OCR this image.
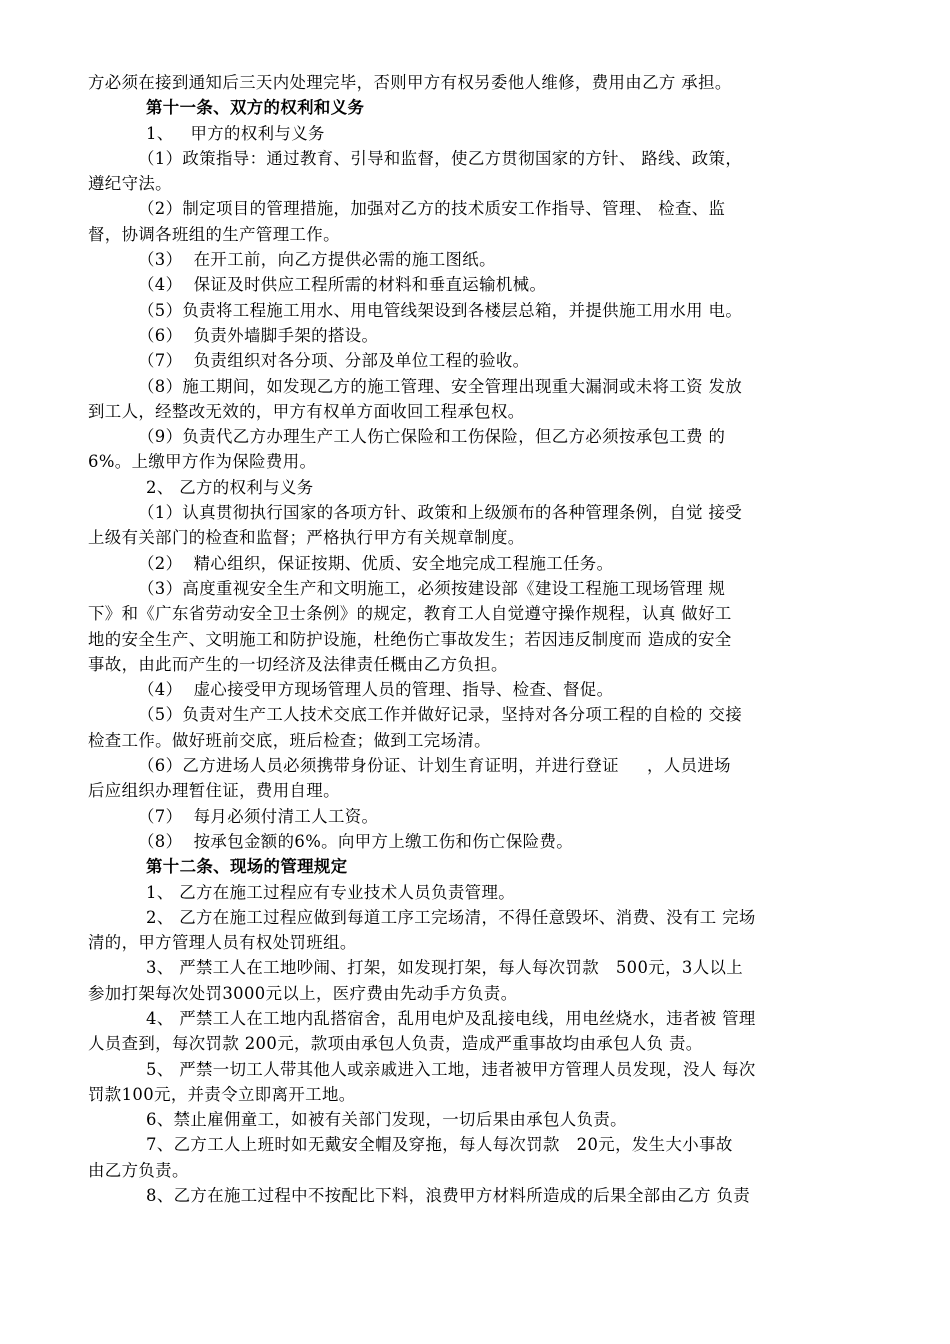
方必须在接到通知后三天内处理完毕，否则甲方有权另委他人维修，费用由乙方 承担。
第十一条、双方的权利和义务
1、   甲方的权利与义务
（1）政策指导：通过教育、引导和监督，使乙方贯彻国家的方针、 路线、政策，
遵纪守法。
（2）制定项目的管理措施，加强对乙方的技术质安工作指导、管理、 检查、监
督，协调各班组的生产管理工作。
（3）  在开工前，向乙方提供必需的施工图纸。
（4）  保证及时供应工程所需的材料和垂直运输机械。
（5）负责将工程施工用水、用电管线架设到各楼层总箱，并提供施工用水用 电。
（6）  负责外墙脚手架的搭设。
（7）  负责组织对各分项、分部及单位工程的验收。
（8）施工期间，如发现乙方的施工管理、安全管理出现重大漏洞或未将工资 发放
到工人，经整改无效的，甲方有权单方面收回工程承包权。
（9）负责代乙方办理生产工人伤亡保险和工伤保险，但乙方必须按承包工费 的
6%。上缴甲方作为保险费用。
2、 乙方的权利与义务
（1）认真贯彻执行国家的各项方针、政策和上级颁布的各种管理条例，自觉 接受
上级有关部门的检查和监督；严格执行甲方有关规章制度。
（2）  精心组织，保证按期、优质、安全地完成工程施工任务。
（3）高度重视安全生产和文明施工，必须按建设部《建设工程施工现场管理 规
下》和《广东省劳动安全卫士条例》的规定，教育工人自觉遵守操作规程，认真 做好工
地的安全生产、文明施工和防护设施，杜绝伤亡事故发生；若因违反制度而 造成的安全
事故，由此而产生的一切经济及法律责任概由乙方负担。
（4）  虚心接受甲方现场管理人员的管理、指导、检查、督促。
（5）负责对生产工人技术交底工作并做好记录，坚持对各分项工程的自检的 交接
检查工作。做好班前交底，班后检查；做到工完场清。
（6）乙方进场人员必须携带身份证、计划生育证明，并进行登证     ，人员进场
后应组织办理暂住证，费用自理。
（7）  每月必须付清工人工资。
（8）  按承包金额的6%。向甲方上缴工伤和伤亡保险费。
第十二条、现场的管理规定
1、 乙方在施工过程应有专业技术人员负责管理。
2、 乙方在施工过程应做到每道工序工完场清，不得任意毁坏、消费、没有工 完场
清的，甲方管理人员有权处罚班组。
3、 严禁工人在工地吵闹、打架，如发现打架，每人每次罚款   500元，3人以上
参加打架每次处罚3000元以上，医疗费由先动手方负责。
4、 严禁工人在工地内乱搭宿舍，乱用电炉及乱接电线，用电丝烧水，违者被 管理
人员查到，每次罚款 200元，款项由承包人负责，造成严重事故均由承包人负 责。
5、 严禁一切工人带其他人或亲戚进入工地，违者被甲方管理人员发现，没人 每次
罚款100元，并责令立即离开工地。
6、禁止雇佣童工，如被有关部门发现，一切后果由承包人负责。
7、乙方工人上班时如无戴安全帽及穿拖，每人每次罚款   20元，发生大小事故
由乙方负责。
8、乙方在施工过程中不按配比下料，浪费甲方材料所造成的后果全部由乙方 负责
